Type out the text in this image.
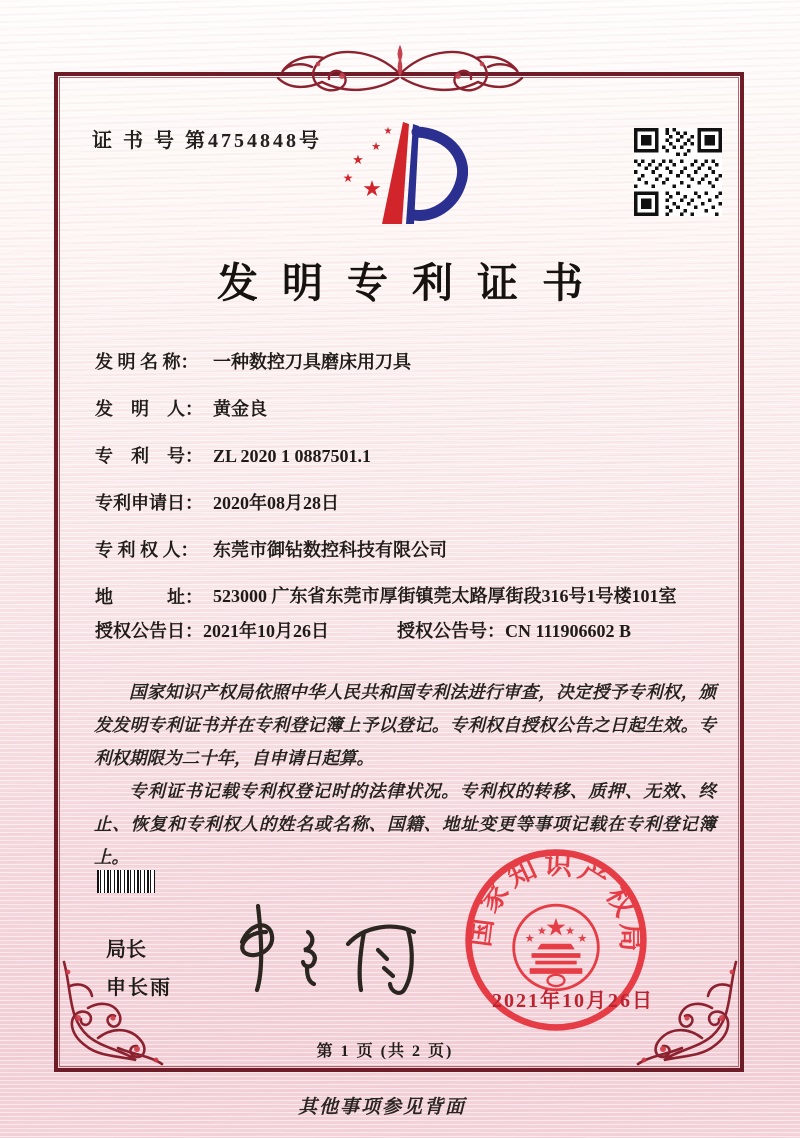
证 书 号 第4754848号
★
★
★
★
★
发明专利证书
发 明 名 称： 一种数控刀具磨床用刀具
发　明　人： 黄金良
专　利　号： ZL 2020 1 0887501.1
专利申请日： 2020年08月28日
专 利 权 人： 东莞市御钻数控科技有限公司
地　　　址： 523000 广东省东莞市厚街镇莞太路厚街段316号1号楼101室
授权公告日：2021年10月26日	授权公告号：CN 111906602 B

国家知识产权局依照中华人民共和国专利法进行审查，决定授予专利权，颁发发明专利证书并在专利登记簿上予以登记。专利权自授权公告之日起生效。专利权期限为二十年，自申请日起算。

专利证书记载专利权登记时的法律状况。专利权的转移、质押、无效、终止、恢复和专利权人的姓名或名称、国籍、地址变更等事项记载在专利登记簿上。

局长
申长雨
国家知识产权局
★
★
★ ★
★
2021年10月26日
第 1 页 (共 2 页)
其他事项参见背面
